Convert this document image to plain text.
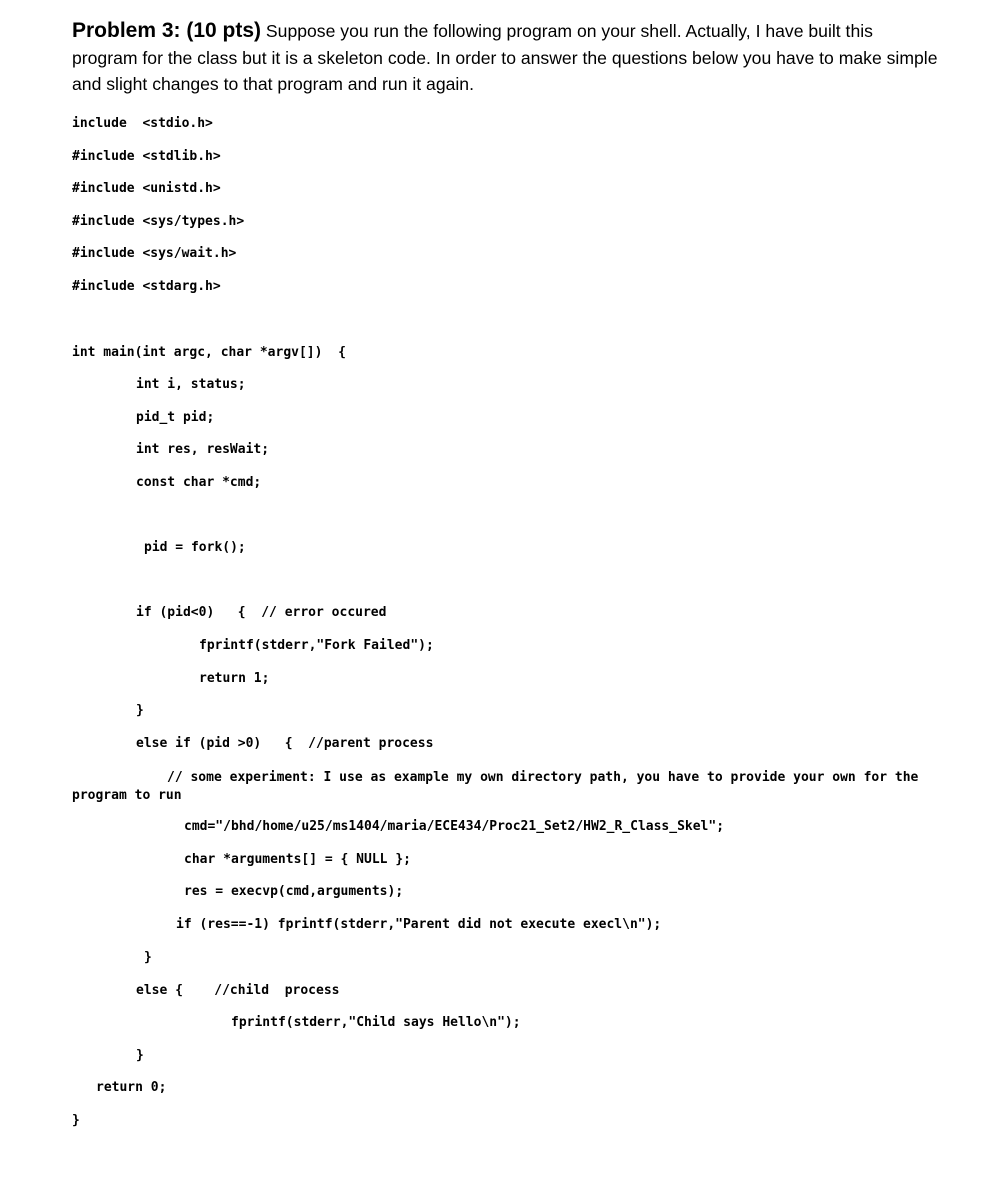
Problem 3: (10 pts) Suppose you run the following program on your shell. Actually, I have built this program for the class but it is a skeleton code. In order to answer the questions below you have to make simple and slight changes to that program and run it again.

include  <stdio.h>
#include <stdlib.h>
#include <unistd.h>
#include <sys/types.h>
#include <sys/wait.h>
#include <stdarg.h>
int main(int argc, char *argv[])  {
int i, status;
pid_t pid;
int res, resWait;
const char *cmd;
pid = fork();
if (pid<0)   {  // error occured
fprintf(stderr,"Fork Failed");
return 1;
}
else if (pid >0)   {  //parent process

// some experiment: I use as example my own directory path, you have to provide your own for the program to run

cmd="/bhd/home/u25/ms1404/maria/ECE434/Proc21_Set2/HW2_R_Class_Skel";
char *arguments[] = { NULL };
res = execvp(cmd,arguments);
if (res==-1) fprintf(stderr,"Parent did not execute execl\n");
}
else {    //child  process
fprintf(stderr,"Child says Hello\n");
}
return 0;
}
